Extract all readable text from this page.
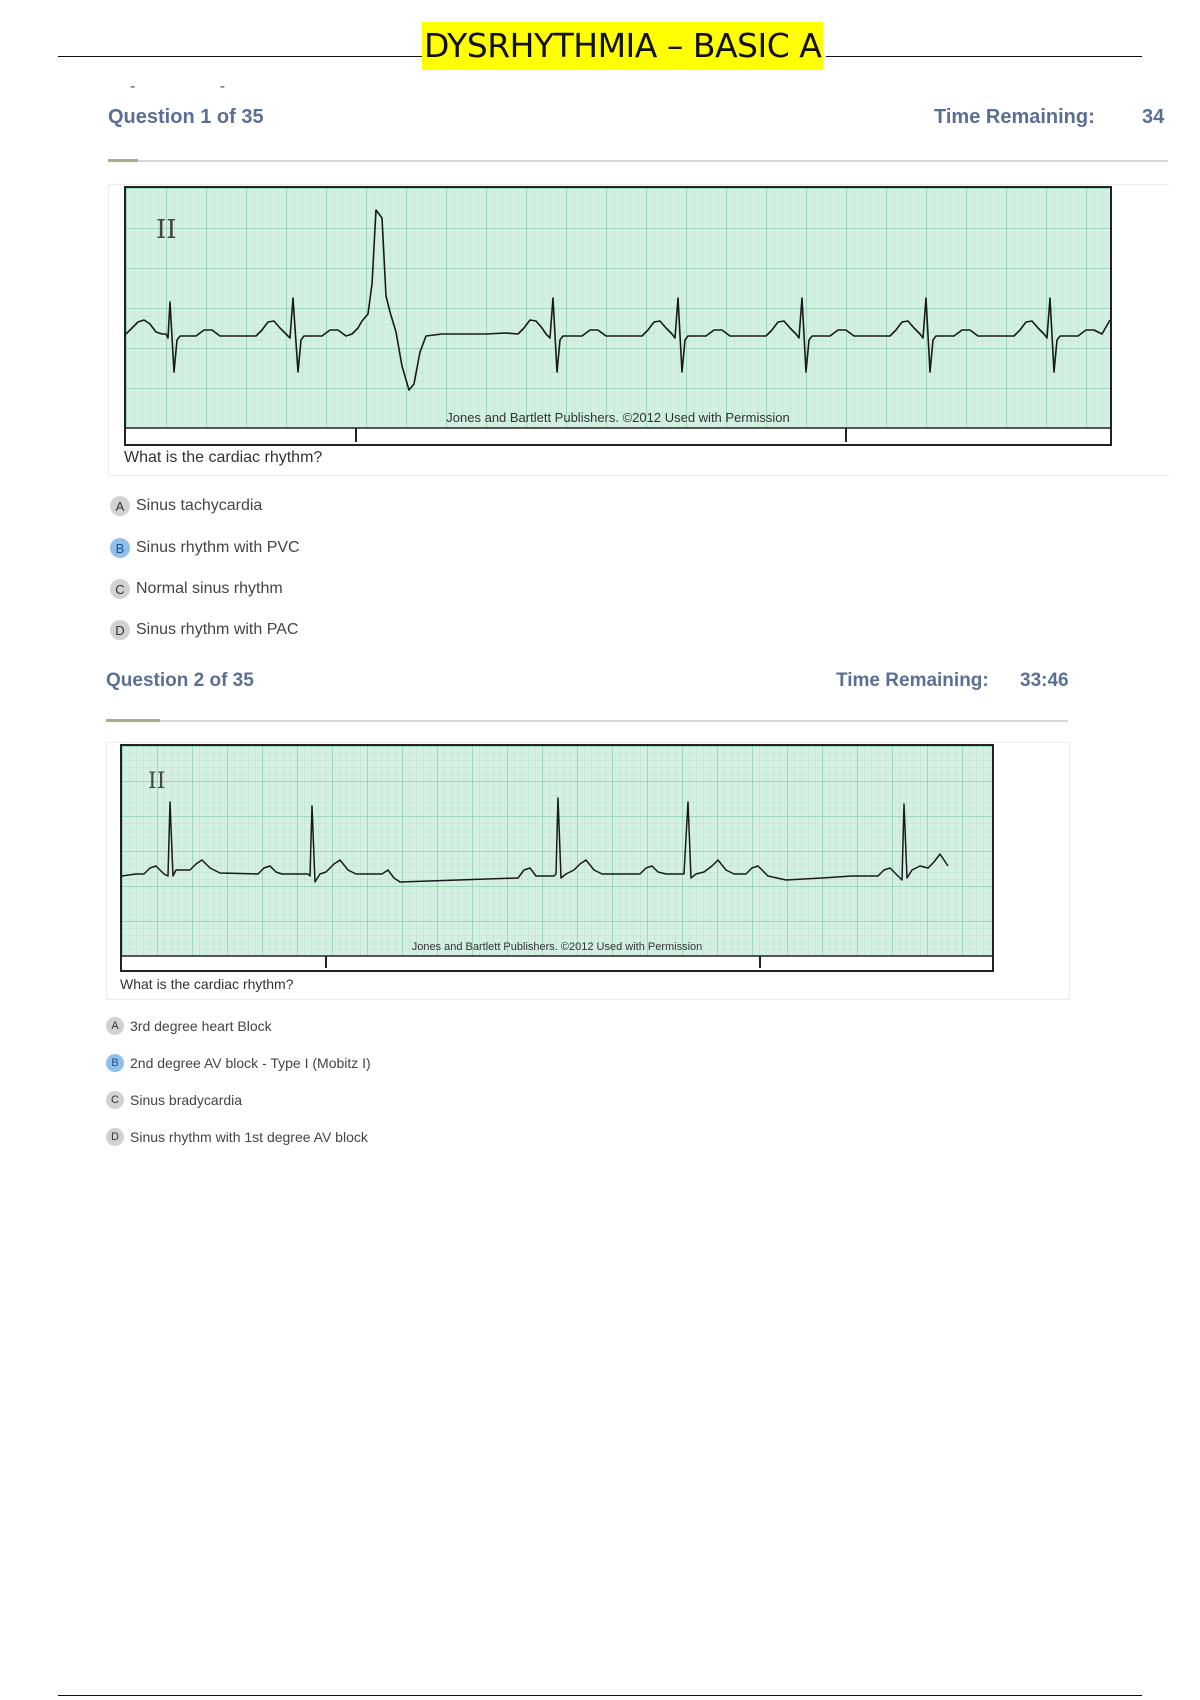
DYSRHYTHMIA – BASIC A
- -
Question 1 of 35	Time Remaining: 34
II
Jones and Bartlett Publishers. ©2012 Used with Permission
What is the cardiac rhythm?
A Sinus tachycardia
B Sinus rhythm with PVC
C Normal sinus rhythm
D Sinus rhythm with PAC
Question 2 of 35	Time Remaining: 33:46
II
Jones and Bartlett Publishers. ©2012 Used with Permission
What is the cardiac rhythm?
A 3rd degree heart Block
B 2nd degree AV block - Type I (Mobitz I)
C Sinus bradycardia
D Sinus rhythm with 1st degree AV block
